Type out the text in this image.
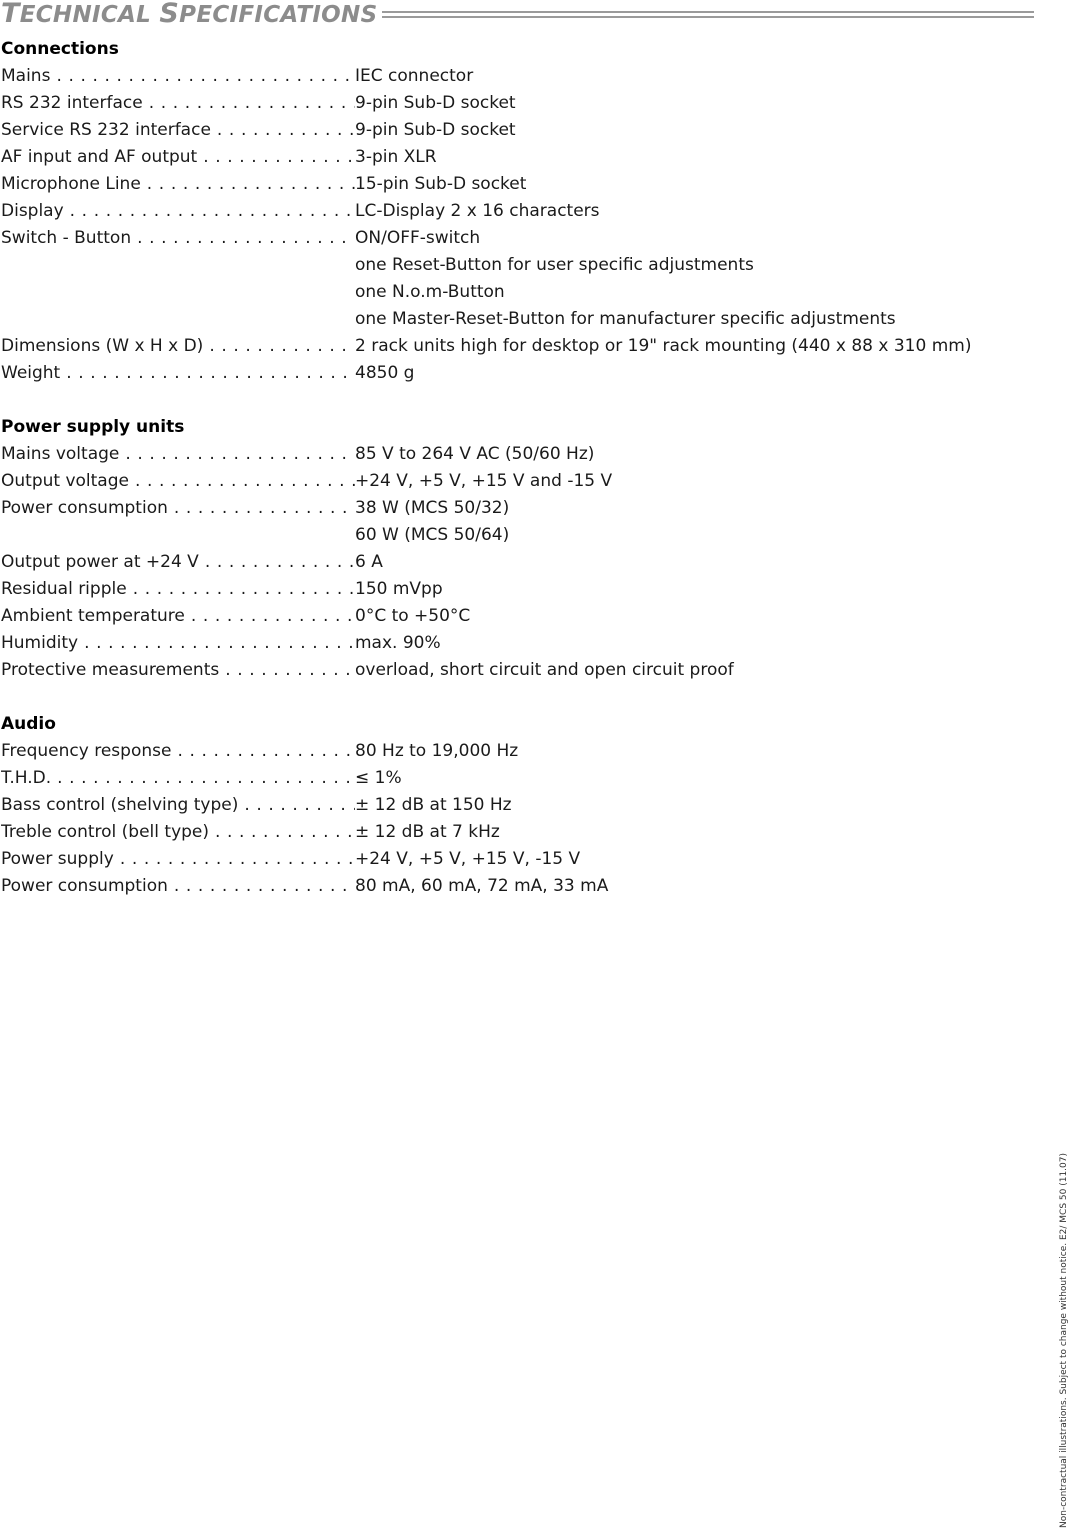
TECHNICAL SPECIFICATIONS
Connections
Mains . . .	IEC connector
RS 232 interface . . .	9-pin Sub-D socket
Service RS 232 interface . . .	9-pin Sub-D socket
AF input and AF output . . .	3-pin XLR
Microphone Line . . .	15-pin Sub-D socket
Display . . .	LC-Display 2 x 16 characters
Switch - Button . . .	ON/OFF-switch
one Reset-Button for user specific adjustments
one N.o.m-Button
one Master-Reset-Button for manufacturer specific adjustments
Dimensions (W x H x D) . . .	2 rack units high for desktop or 19" rack mounting (440 x 88 x 310 mm)
Weight . . .	4850 g
Power supply units
Mains voltage . . .	85 V to 264 V AC (50/60 Hz)
Output voltage . . .	+24 V, +5 V, +15 V and -15 V
Power consumption . . .	38 W (MCS 50/32)
60 W (MCS 50/64)
Output power at +24 V . . .	6 A
Residual ripple . . .	150 mVpp
Ambient temperature . . .	0°C to +50°C
Humidity . . .	max. 90%
Protective measurements . . .	overload, short circuit and open circuit proof
Audio
Frequency response . . .	80 Hz to 19,000 Hz
T.H.D. . . .	≤ 1%
Bass control (shelving type) . . .	± 12 dB at 150 Hz
Treble control (bell type) . . .	± 12 dB at 7 kHz
Power supply . . .	+24 V, +5 V, +15 V, -15 V
Power consumption . . .	80 mA, 60 mA, 72 mA, 33 mA
Non-contractual illustrations. Subject to change without notice. E2/ MCS 50 (11.07)
